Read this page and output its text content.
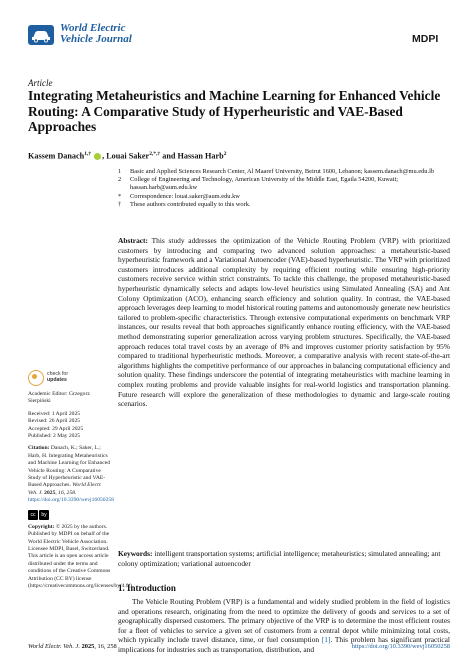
World Electric
Vehicle Journal	MDPI
Article
Integrating Metaheuristics and Machine Learning for Enhanced Vehicle Routing: A Comparative Study of Hyperheuristic and VAE-Based Approaches
Kassem Danach$^{1,\dagger}$ , Louai Saker$^{2,*,\dagger}$ and Hassan Harb$^2$
1	Basic and Applied Sciences Research Center, Al Maaref University, Beirut 1600, Lebanon; kassem.danach@mu.edu.lb
2	College of Engineering and Technology, American University of the Middle East, Egaila 54200, Kuwait; hassan.harb@aum.edu.kw
*	Correspondence: louai.saker@aum.edu.kw
†	These authors contributed equally to this work.
Abstract: This study addresses the optimization of the Vehicle Routing Problem (VRP) with prioritized customers by introducing and comparing two advanced solution approaches: a metaheuristic-based hyperheuristic framework and a Variational Autoencoder (VAE)-based hyperheuristic. The VRP with prioritized customers introduces additional complexity by requiring efficient routing while ensuring high-priority customers receive service within strict constraints. To tackle this challenge, the proposed metaheuristic-based hyperheuristic dynamically selects and adapts low-level heuristics using Simulated Annealing (SA) and Ant Colony Optimization (ACO), enhancing search efficiency and solution quality. In contrast, the VAE-based approach leverages deep learning to model historical routing patterns and autonomously generate new heuristics tailored to problem-specific characteristics. Through extensive computational experiments on benchmark VRP instances, our results reveal that both approaches significantly enhance routing efficiency, with the VAE-based method demonstrating superior generalization across varying problem structures. Specifically, the VAE-based approach reduces total travel costs by an average of 8% and improves customer priority satisfaction by 95% compared to traditional hyperheuristic methods. Moreover, a comparative analysis with recent state-of-the-art algorithms highlights the competitive performance of our approaches in balancing computational efficiency and solution quality. These findings underscore the potential of integrating metaheuristics with machine learning in complex routing problems and provide valuable insights for real-world logistics and transportation planning. Future research will explore the generalization of these methodologies to dynamic and large-scale routing scenarios.
Keywords: intelligent transportation systems; artificial intelligence; metaheuristics; simulated annealing; ant colony optimization; variational autoencoder
check for
updates

Academic Editor: Grzegorz Sierpiński

Received: 1 April 2025
Revised: 26 April 2025
Accepted: 29 April 2025
Published: 2 May 2025

Citation: Danach, K.; Saker, L.; Harb, H. Integrating Metaheuristics and Machine Learning for Enhanced Vehicle Routing: A Comparative Study of Hyperheuristic and VAE-Based Approaches. World Electr. Veh. J. 2025, 16, 258. https://doi.org/10.3390/wevj16050258

cc	by

Copyright: © 2025 by the authors. Published by MDPI on behalf of the World Electric Vehicle Association. Licensee MDPI, Basel, Switzerland. This article is an open access article distributed under the terms and conditions of the Creative Commons Attribution (CC BY) license (https://creativecommons.org/licenses/by/4.0/).

1. Introduction
The Vehicle Routing Problem (VRP) is a fundamental and widely studied problem in the field of logistics and operations research, originating from the need to optimize the delivery of goods and services to a set of geographically dispersed customers. The primary objective of the VRP is to determine the most efficient routes for a fleet of vehicles to service a given set of customers from a central depot while minimizing total costs, which typically include travel distance, time, or fuel consumption [1]. This problem has significant practical implications for industries such as transportation, distribution, and
World Electr. Veh. J. 2025, 16, 258	https://doi.org/10.3390/wevj16050258
